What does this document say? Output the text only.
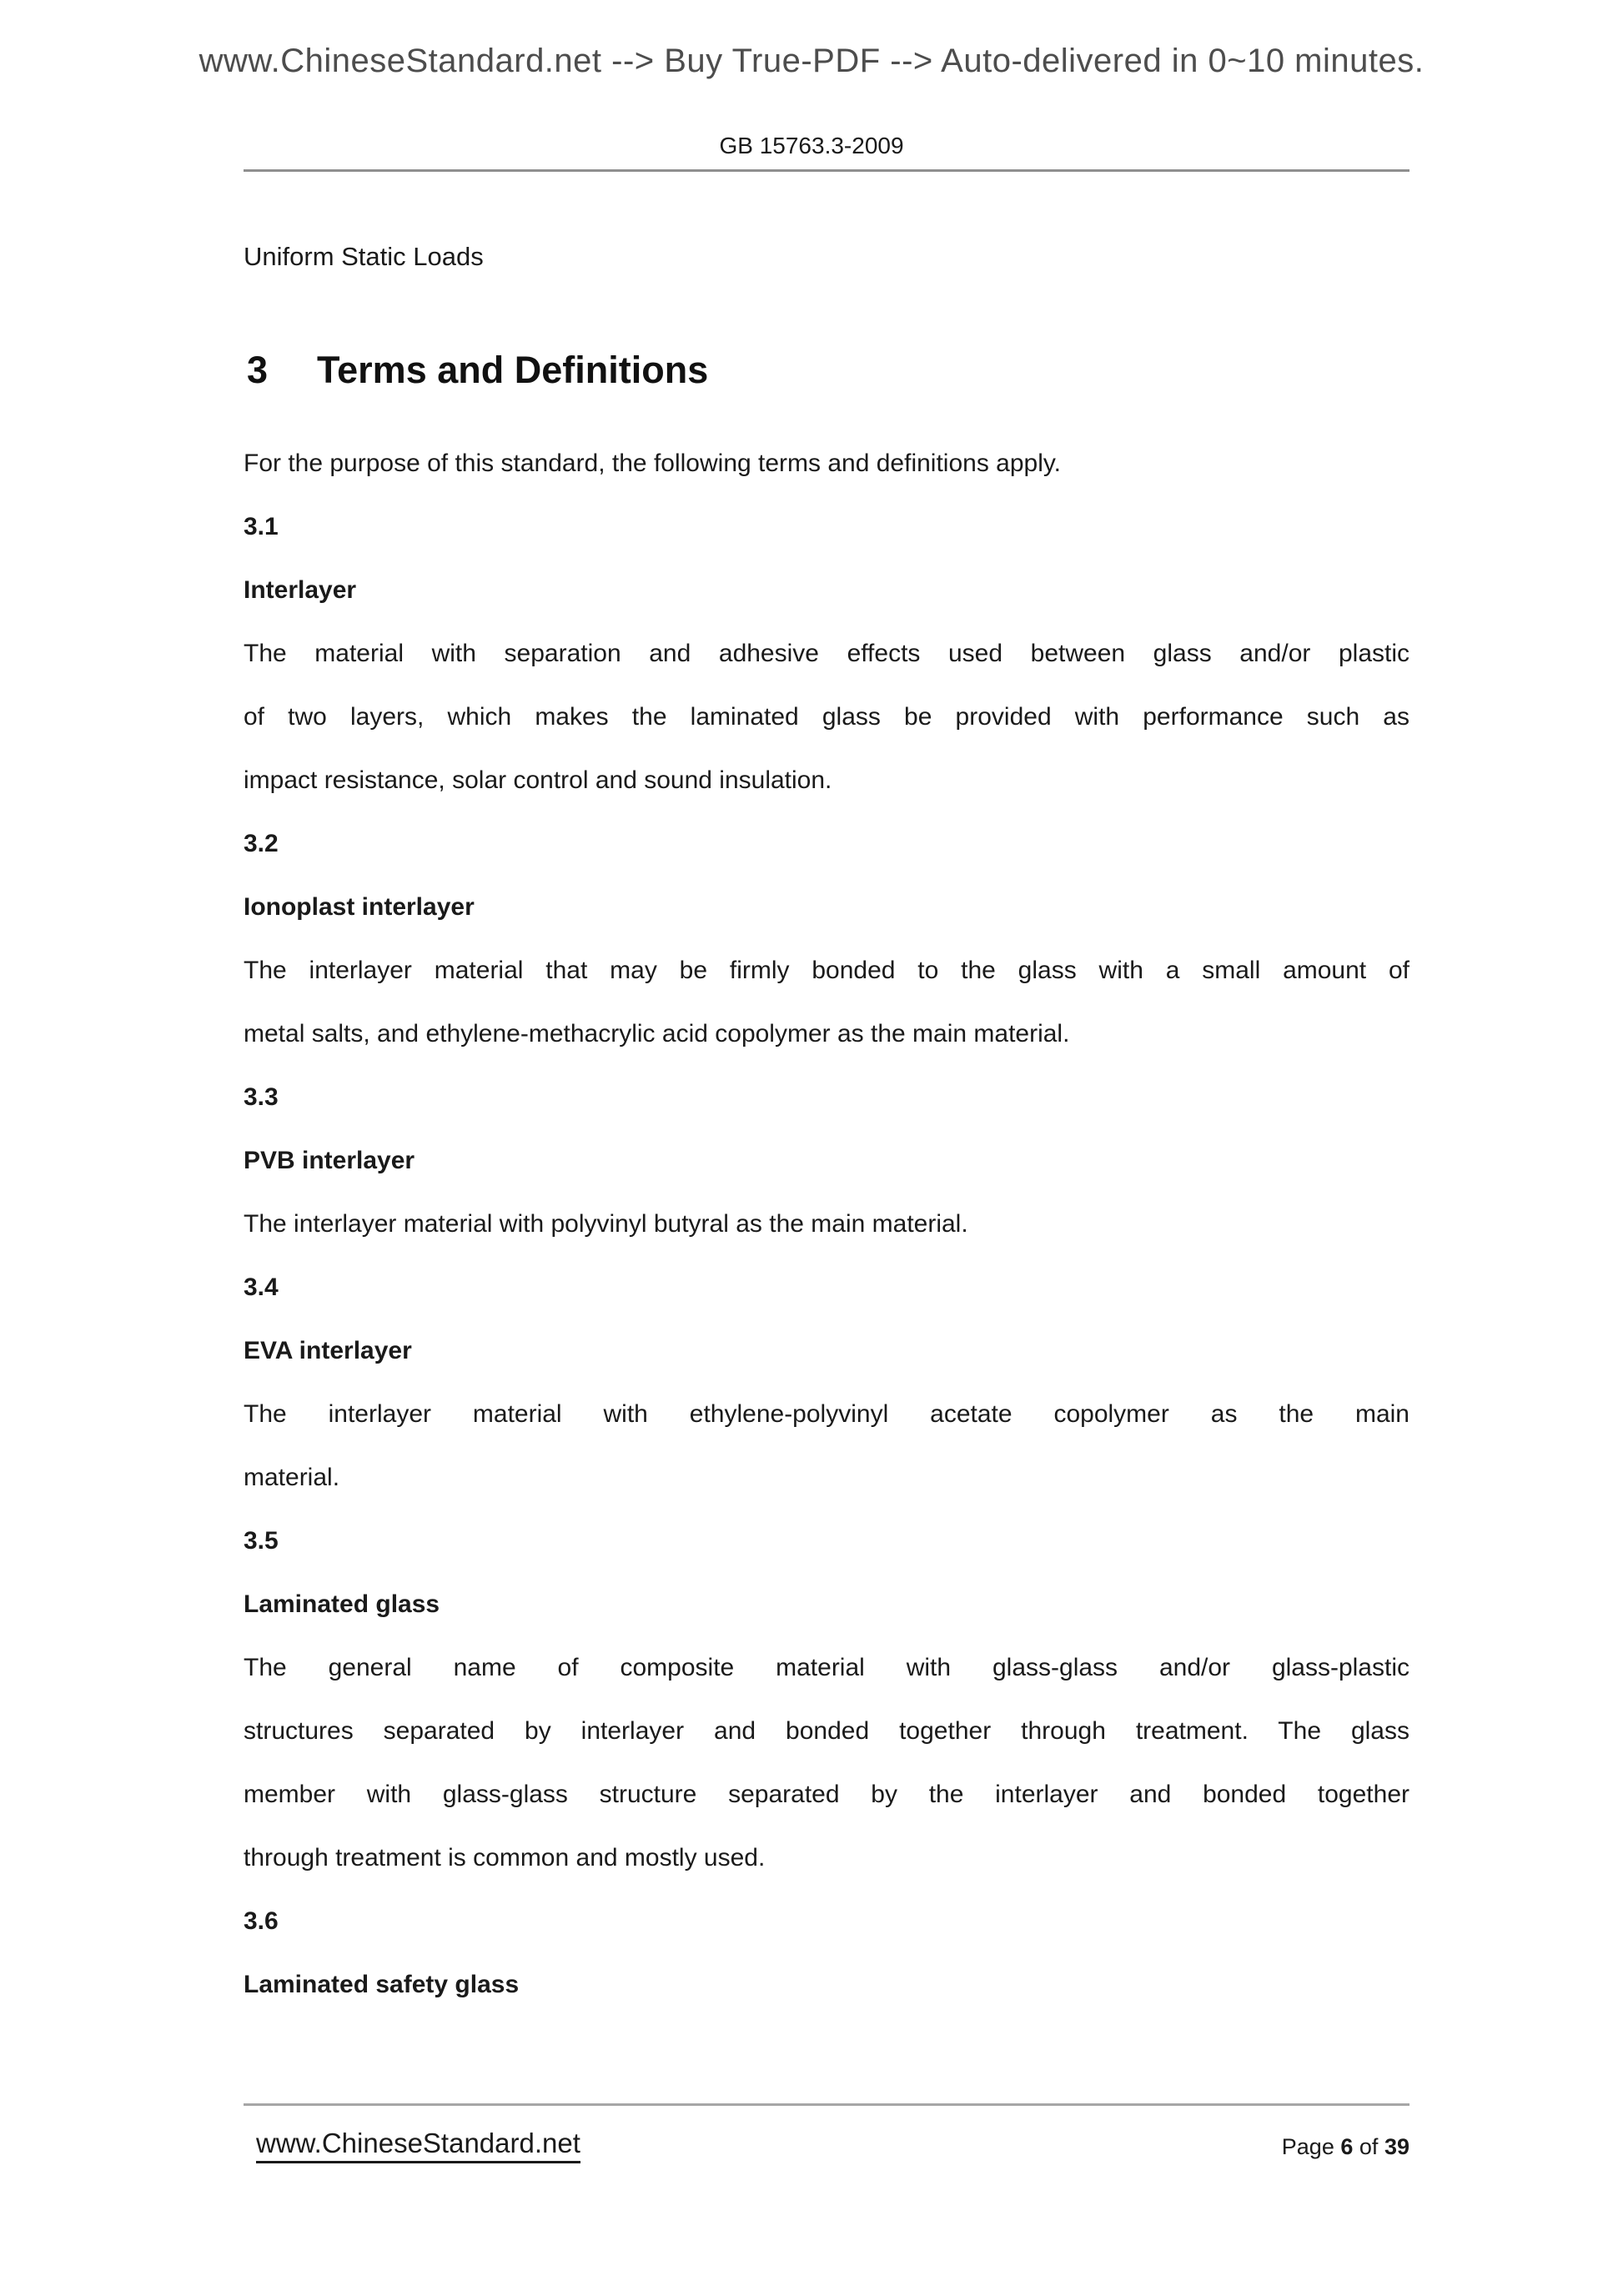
www.ChineseStandard.net --> Buy True-PDF --> Auto-delivered in 0~10 minutes.
GB 15763.3-2009
Uniform Static Loads
3 Terms and Definitions
For the purpose of this standard, the following terms and definitions apply.
3.1
Interlayer
The material with separation and adhesive effects used between glass and/or plastic
of two layers, which makes the laminated glass be provided with performance such as
impact resistance, solar control and sound insulation.
3.2
Ionoplast interlayer
The interlayer material that may be firmly bonded to the glass with a small amount of
metal salts, and ethylene-methacrylic acid copolymer as the main material.
3.3
PVB interlayer
The interlayer material with polyvinyl butyral as the main material.
3.4
EVA interlayer
The interlayer material with ethylene-polyvinyl acetate copolymer as the main
material.
3.5
Laminated glass
The general name of composite material with glass-glass and/or glass-plastic
structures separated by interlayer and bonded together through treatment. The glass
member with glass-glass structure separated by the interlayer and bonded together
through treatment is common and mostly used.
3.6
Laminated safety glass
www.ChineseStandard.net	Page 6 of 39
